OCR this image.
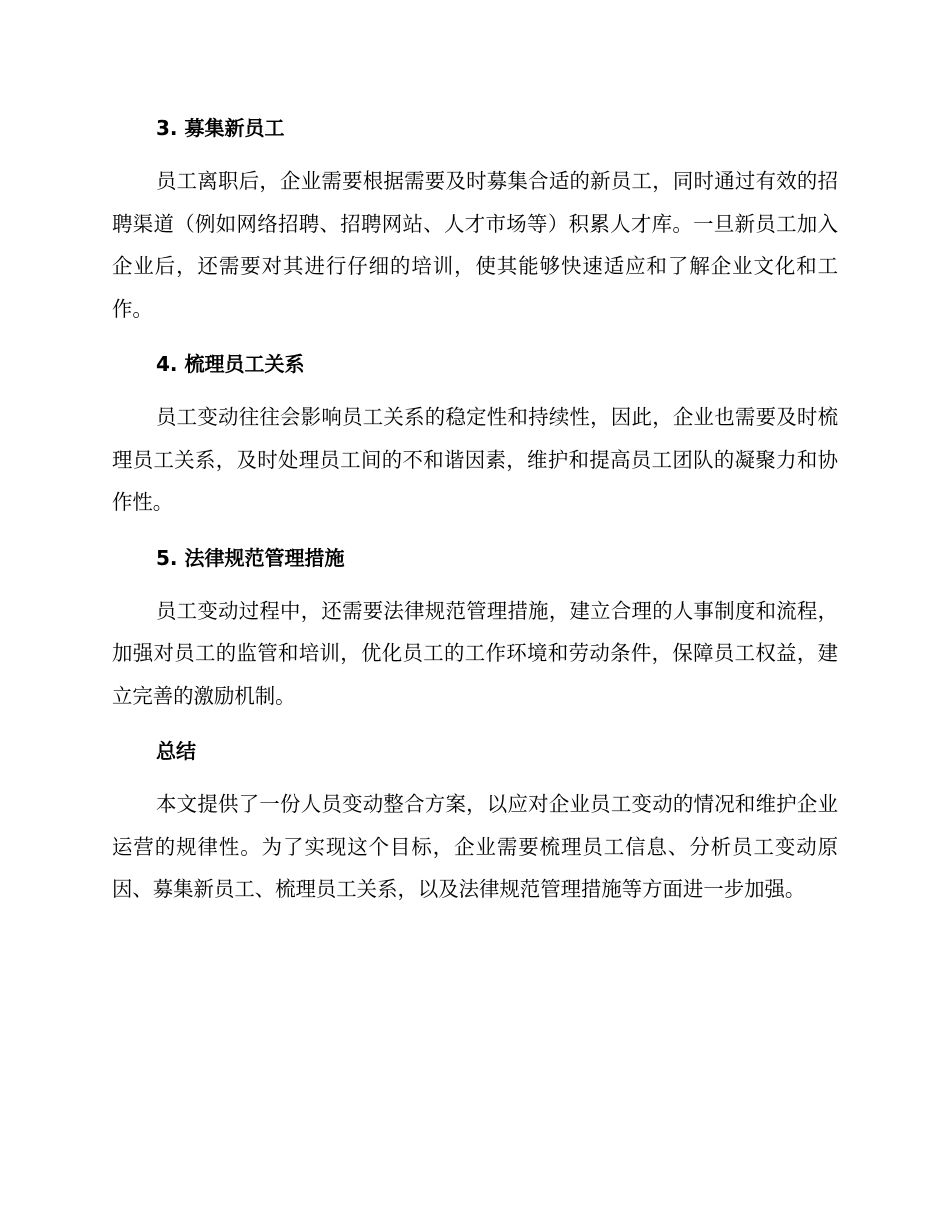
3. 募集新员工

员工离职后，企业需要根据需要及时募集合适的新员工，同时通过有效的招聘渠道（例如网络招聘、招聘网站、人才市场等）积累人才库。一旦新员工加入企业后，还需要对其进行仔细的培训，使其能够快速适应和了解企业文化和工作。

4. 梳理员工关系

员工变动往往会影响员工关系的稳定性和持续性，因此，企业也需要及时梳理员工关系，及时处理员工间的不和谐因素，维护和提高员工团队的凝聚力和协作性。

5. 法律规范管理措施

员工变动过程中，还需要法律规范管理措施，建立合理的人事制度和流程，加强对员工的监管和培训，优化员工的工作环境和劳动条件，保障员工权益，建立完善的激励机制。

总结

本文提供了一份人员变动整合方案，以应对企业员工变动的情况和维护企业运营的规律性。为了实现这个目标，企业需要梳理员工信息、分析员工变动原因、募集新员工、梳理员工关系，以及法律规范管理措施等方面进一步加强。
